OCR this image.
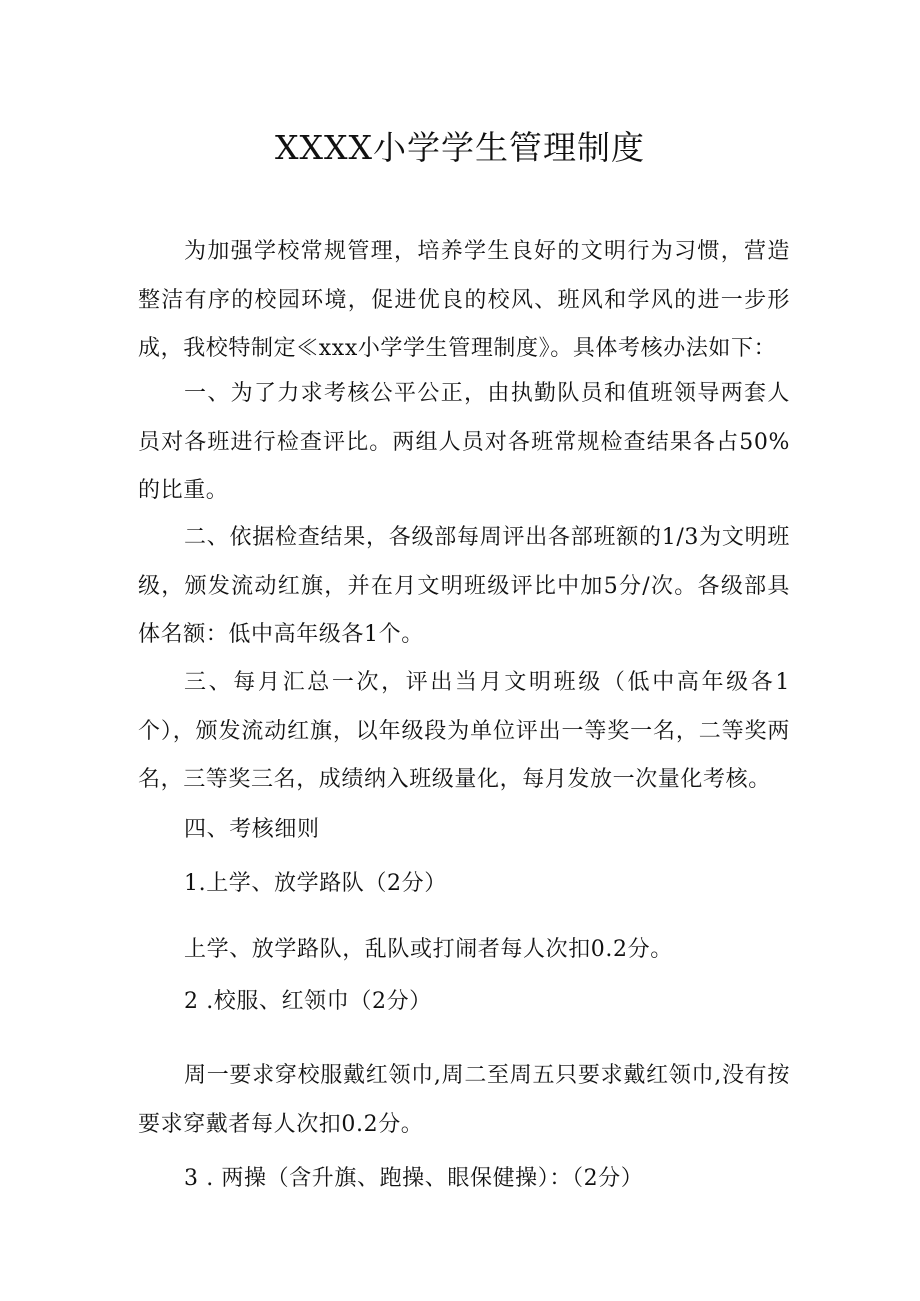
XXXX小学学生管理制度

为加强学校常规管理，培养学生良好的文明行为习惯，营造整洁有序的校园环境，促进优良的校风、班风和学风的进一步形成，我校特制定≪xxx小学学生管理制度》。具体考核办法如下：

一、为了力求考核公平公正，由执勤队员和值班领导两套人员对各班进行检查评比。两组人员对各班常规检查结果各占50%的比重。

二、依据检查结果，各级部每周评出各部班额的1/3为文明班级，颁发流动红旗，并在月文明班级评比中加5分/次。各级部具体名额：低中高年级各1个。

三、每月汇总一次，评出当月文明班级（低中高年级各1个），颁发流动红旗，以年级段为单位评出一等奖一名，二等奖两名，三等奖三名，成绩纳入班级量化，每月发放一次量化考核。

四、考核细则

1.上学、放学路队（2分）

上学、放学路队，乱队或打闹者每人次扣0.2分。

2 .校服、红领巾（2分）

周一要求穿校服戴红领巾,周二至周五只要求戴红领巾,没有按要求穿戴者每人次扣0.2分。

3 . 两操（含升旗、跑操、眼保健操）：（2分）
